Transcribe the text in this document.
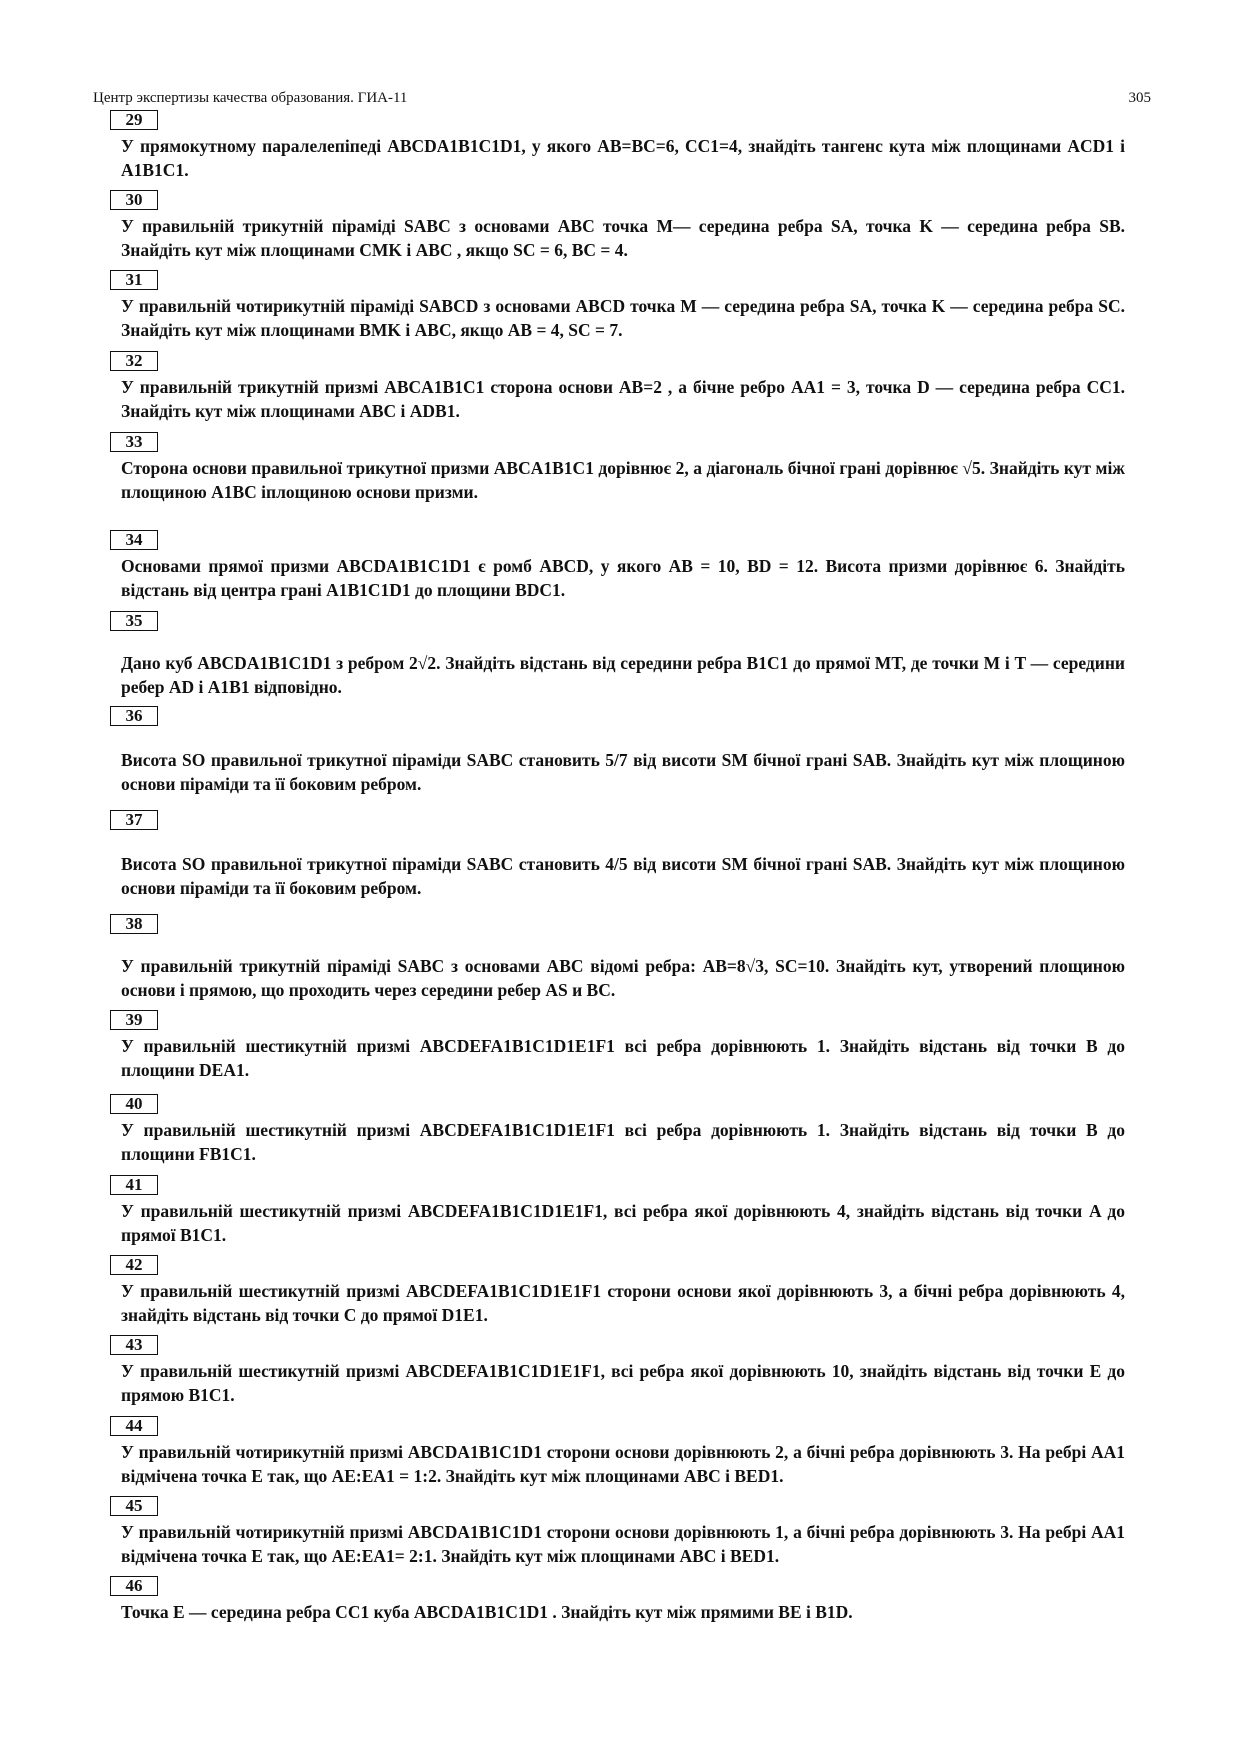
Центр экспертизы качества образования. ГИА-11	305
29
У прямокутному паралелепіпеді ABCDA1B1C1D1, у якого AB=BC=6, CC1=4, знайдіть тангенс кута між площинами ACD1 і A1B1C1.
30
У правильній трикутній піраміді SABC з основами ABC точка M— середина ребра SA, точка K — середина ребра SB. Знайдіть кут між площинами CMK і ABC , якщо SC = 6, BC = 4.
31
У правильній чотирикутній піраміді SABCD з основами ABCD точка M — середина ребра SA, точка K — середина ребра SC. Знайдіть кут між площинами BMK і ABC, якщо AB = 4, SC = 7.
32
У правильній трикутній призмі ABCA1B1C1 сторона основи AB=2 , а бічне ребро AA1 = 3, точка D — середина ребра CC1. Знайдіть кут між площинами ABC і ADB1.
33
Сторона основи правильної трикутної призми ABCA1B1C1 дорівнює 2, а діагональ бічної грані дорівнює √5. Знайдіть кут між площиною A1BC іплощиною основи призми.
34
Основами прямої призми ABCDA1B1C1D1 є ромб ABCD, у якого AB = 10, BD = 12. Висота призми дорівнює 6. Знайдіть відстань від центра грані A1B1C1D1 до площини BDC1.
35
Дано куб ABCDA1B1C1D1 з ребром 2√2. Знайдіть відстань від середини ребра B1C1 до прямої MT, де точки M і T — середини ребер AD і A1B1 відповідно.
36
Висота SO правильної трикутної піраміди SABC становить 5/7 від висоти SM бічної грані SAB. Знайдіть кут між площиною основи піраміди та її боковим ребром.
37
Висота SO правильної трикутної піраміди SABC становить 4/5 від висоти SM бічної грані SAB. Знайдіть кут між площиною основи піраміди та її боковим ребром.
38
У правильній трикутній піраміді SABC з основами ABC відомі ребра: AB=8√3, SC=10. Знайдіть кут, утворений площиною основи і прямою, що проходить через середини ребер AS и BC.
39
У правильній шестикутній призмі ABCDEFA1B1C1D1E1F1 всі ребра дорівнюють 1. Знайдіть відстань від точки B до площини DEA1.
40
У правильній шестикутній призмі ABCDEFA1B1C1D1E1F1 всі ребра дорівнюють 1. Знайдіть відстань від точки B до площини FB1C1.
41
У правильній шестикутній призмі ABCDEFA1B1C1D1E1F1, всі ребра якої дорівнюють 4, знайдіть відстань від точки A до прямої B1C1.
42
У правильній шестикутній призмі ABCDEFA1B1C1D1E1F1 сторони основи якої дорівнюють 3, а бічні ребра дорівнюють 4, знайдіть відстань від точки C до прямої D1E1.
43
У правильній шестикутній призмі ABCDEFA1B1C1D1E1F1, всі ребра якої дорівнюють 10, знайдіть відстань від точки E до прямою B1C1.
44
У правильній чотирикутній призмі ABCDA1B1C1D1 сторони основи дорівнюють 2, а бічні ребра дорівнюють 3. На ребрі AA1 відмічена точка E так, що AE:EA1 = 1:2. Знайдіть кут між площинами ABC і BED1.
45
У правильній чотирикутній призмі ABCDA1B1C1D1 сторони основи дорівнюють 1, а бічні ребра дорівнюють 3. На ребрі AA1 відмічена точка E так, що AE:EA1= 2:1. Знайдіть кут між площинами ABC і BED1.
46
Точка E — середина ребра CC1 куба ABCDA1B1C1D1 . Знайдіть кут між прямими BE і B1D.
